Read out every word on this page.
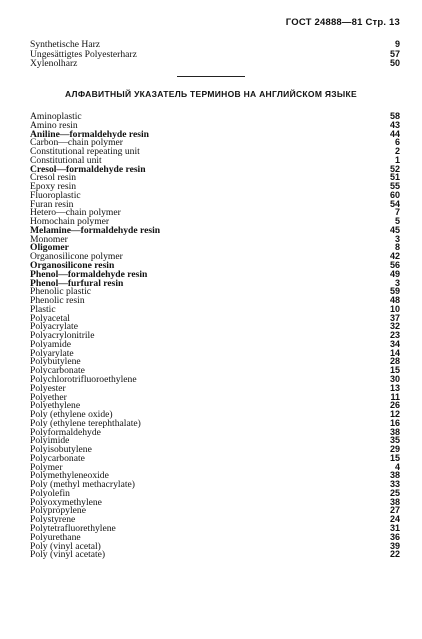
ГОСТ 24888—81 Стр. 13
Synthetische Harz	9
Ungesättigtes Polyesterharz	57
Xylenolharz	50
АЛФАВИТНЫЙ УКАЗАТЕЛЬ ТЕРМИНОВ НА АНГЛИЙСКОМ ЯЗЫКЕ
Aminoplastic	58
Amino resin	43
Aniline—formaldehyde resin	44
Carbon—chain polymer	6
Constitutional repeating unit	2
Constitutional unit	1
Cresol—formaldehyde resin	52
Cresol resin	51
Epoxy resin	55
Fluoroplastic	60
Furan resin	54
Hetero—chain polymer	7
Homochain polymer	5
Melamine—formaldehyde resin	45
Monomer	3
Oligomer	8
Organosilicone polymer	42
Organosilicone resin	56
Phenol—formaldehyde resin	49
Phenol—furfural resin	3
Phenolic plastic	59
Phenolic resin	48
Plastic	10
Polyacetal	37
Polyacrylate	32
Polyacrylonitrile	23
Polyamide	34
Polyarylate	14
Polybutylene	28
Polycarbonate	15
Polychlorotrifluoroethylene	30
Polyester	13
Polyether	11
Polyethylene	26
Poly (ethylene oxide)	12
Poly (ethylene terephthalate)	16
Polyformaldehyde	38
Polyimide	35
Polyisobutylene	29
Polycarbonate	15
Polymer	4
Polymethyleneoxide	38
Poly (methyl methacrylate)	33
Polyolefin	25
Polyoxymethylene	38
Polypropylene	27
Polystyrene	24
Polytetrafluorethylene	31
Polyurethane	36
Poly (vinyl acetal)	39
Poly (vinyl acetate)	22
